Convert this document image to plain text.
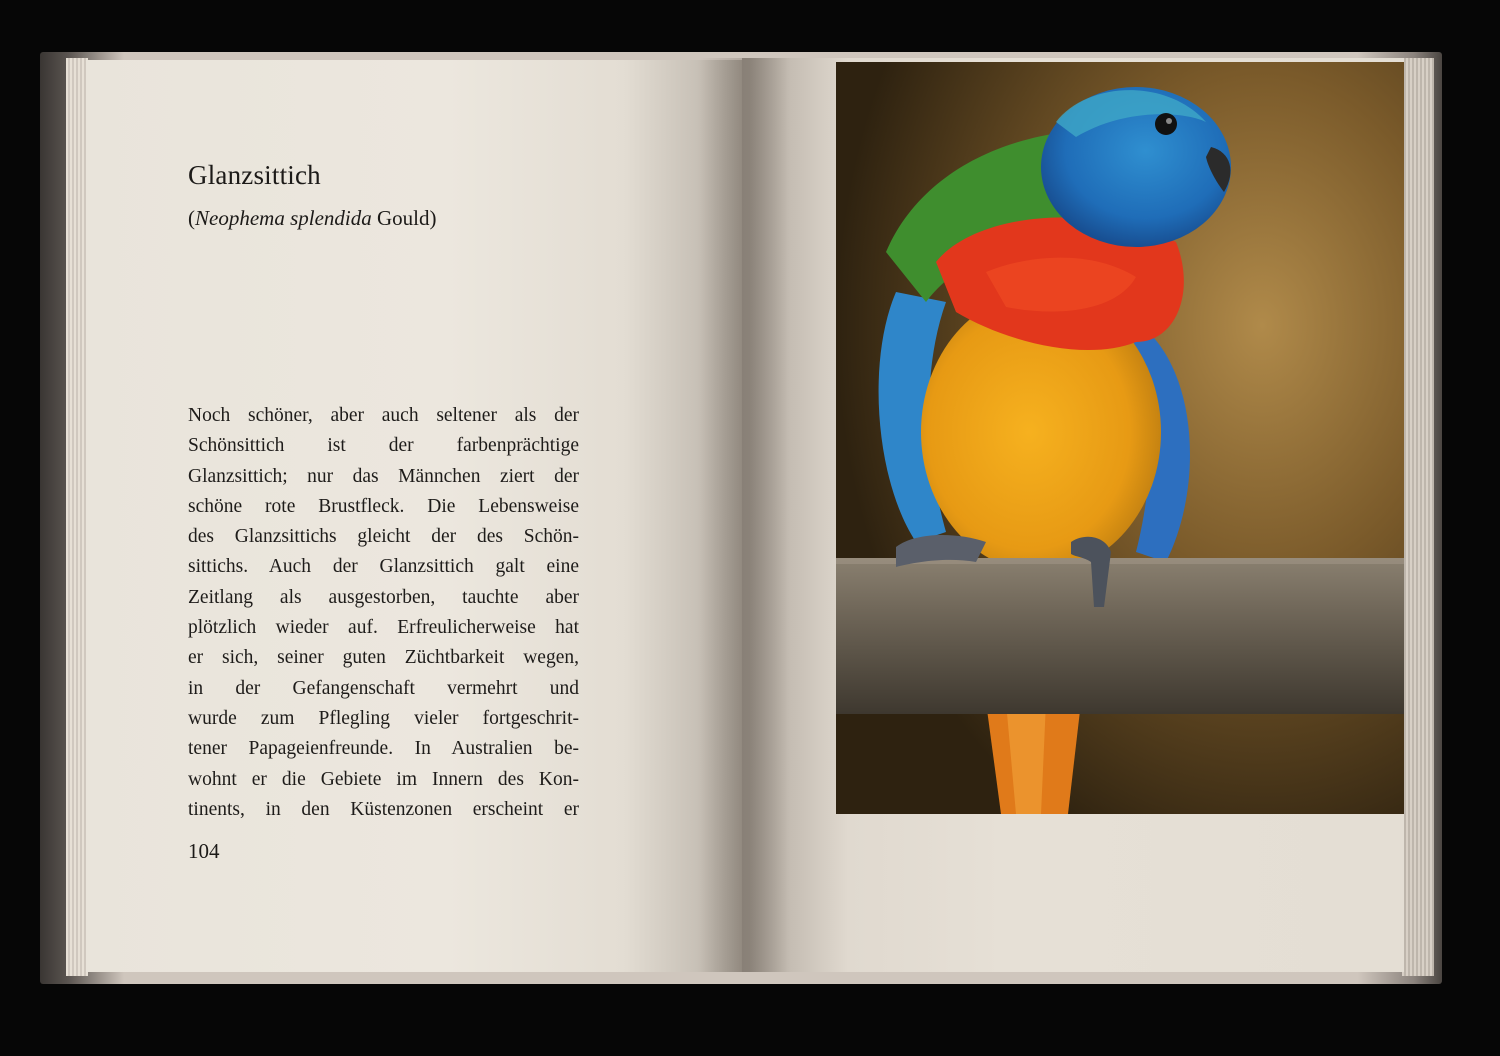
Glanzsittich
(Neophema splendida Gould)
Noch schöner, aber auch seltener als der
Schönsittich ist der farbenprächtige
Glanzsittich; nur das Männchen ziert der
schöne rote Brustfleck. Die Lebensweise
des Glanzsittichs gleicht der des Schön-
sittichs. Auch der Glanzsittich galt eine
Zeitlang als ausgestorben, tauchte aber
plötzlich wieder auf. Erfreulicherweise hat
er sich, seiner guten Züchtbarkeit wegen,
in der Gefangenschaft vermehrt und
wurde zum Pflegling vieler fortgeschrit-
tener Papageienfreunde. In Australien be-
wohnt er die Gebiete im Innern des Kon-
tinents, in den Küstenzonen erscheint er
104
